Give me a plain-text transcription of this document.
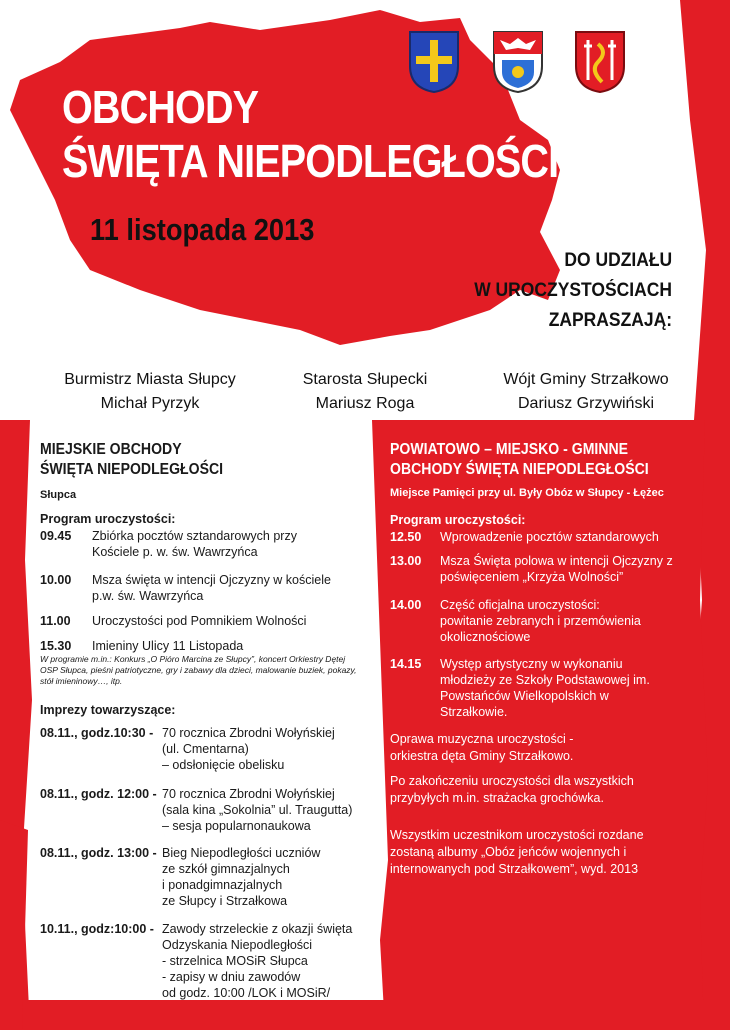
OBCHODY
ŚWIĘTA NIEPODLEGŁOŚCI
11 listopada 2013
DO UDZIAŁU
W UROCZYSTOŚCIACH
ZAPRASZAJĄ:
Burmistrz Miasta Słupcy
Michał Pyrzyk
Starosta Słupecki
Mariusz Roga
Wójt Gminy Strzałkowo
Dariusz Grzywiński
MIEJSKIE OBCHODY
ŚWIĘTA NIEPODLEGŁOŚCI
Słupca
Program uroczystości:
09.45 Zbiórka pocztów sztandarowych przy Kościele p. w. św. Wawrzyńca
10.00 Msza święta w intencji Ojczyzny w kościele p.w. św. Wawrzyńca
11.00 Uroczystości pod Pomnikiem Wolności
15.30 Imieniny Ulicy 11 Listopada
W programie m.in.: Konkurs „O Pióro Marcina ze Słupcy”, koncert Orkiestry Dętej OSP Słupca, pieśni patriotyczne, gry i zabawy dla dzieci, malowanie buziek, pokazy, stół imieninowy…, itp.
Imprezy towarzyszące:
08.11., godz.10:30 - 70 rocznica Zbrodni Wołyńskiej
(ul. Cmentarna)
– odsłonięcie obelisku
08.11., godz. 12:00 - 70 rocznica Zbrodni Wołyńskiej
(sala kina „Sokolnia” ul. Traugutta)
– sesja popularnonaukowa
08.11., godz. 13:00 - Bieg Niepodległości uczniów
ze szkół gimnazjalnych
i ponadgimnazjalnych
ze Słupcy i Strzałkowa
10.11., godz:10:00 - Zawody strzeleckie z okazji święta
Odzyskania Niepodległości
- strzelnica MOSiR Słupca
- zapisy w dniu zawodów
od godz. 10:00 /LOK i MOSiR/
POWIATOWO – MIEJSKO - GMINNE
OBCHODY ŚWIĘTA NIEPODLEGŁOŚCI
Miejsce Pamięci przy ul. Były Obóz w Słupcy - Łężec
Program uroczystości:
12.50 Wprowadzenie pocztów sztandarowych
13.00 Msza Święta polowa w intencji Ojczyzny z poświęceniem „Krzyża Wolności”
14.00 Część oficjalna uroczystości: powitanie zebranych i przemówienia okolicznościowe
14.15 Występ artystyczny w wykonaniu młodzieży ze Szkoły Podstawowej im. Powstańców Wielkopolskich w Strzałkowie.
Oprawa muzyczna uroczystości - orkiestra dęta Gminy Strzałkowo.
Po zakończeniu uroczystości dla wszystkich przybyłych m.in. strażacka grochówka.
Wszystkim uczestnikom uroczystości rozdane zostaną albumy „Obóz jeńców wojennych i internowanych pod Strzałkowem”, wyd. 2013
